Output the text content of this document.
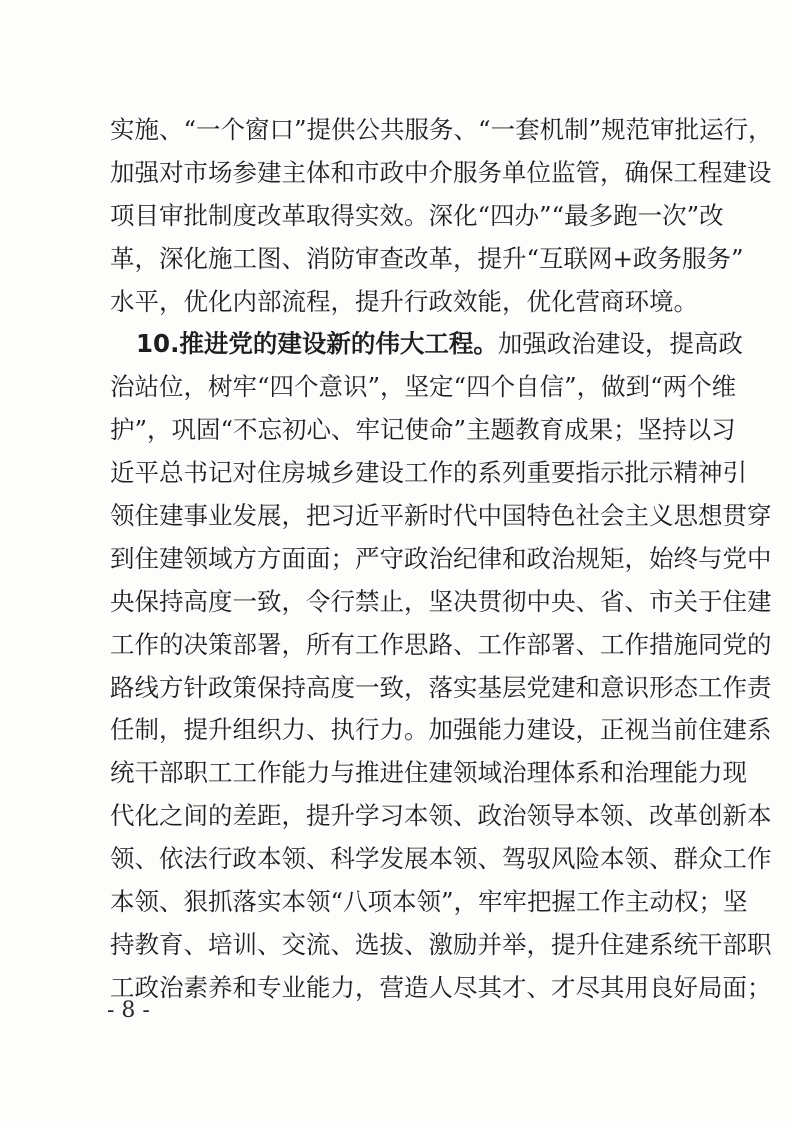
实施、“一个窗口”提供公共服务、“一套机制”规范审批运行，
加强对市场参建主体和市政中介服务单位监管，确保工程建设
项目审批制度改革取得实效。深化“四办”“最多跑一次”改
革，深化施工图、消防审查改革，提升“互联网+政务服务”
水平，优化内部流程，提升行政效能，优化营商环境。
10.推进党的建设新的伟大工程。加强政治建设，提高政
治站位，树牢“四个意识”，坚定“四个自信”，做到“两个维
护”，巩固“不忘初心、牢记使命”主题教育成果；坚持以习
近平总书记对住房城乡建设工作的系列重要指示批示精神引
领住建事业发展，把习近平新时代中国特色社会主义思想贯穿
到住建领域方方面面；严守政治纪律和政治规矩，始终与党中
央保持高度一致，令行禁止，坚决贯彻中央、省、市关于住建
工作的决策部署，所有工作思路、工作部署、工作措施同党的
路线方针政策保持高度一致，落实基层党建和意识形态工作责
任制，提升组织力、执行力。加强能力建设，正视当前住建系
统干部职工工作能力与推进住建领域治理体系和治理能力现
代化之间的差距，提升学习本领、政治领导本领、改革创新本
领、依法行政本领、科学发展本领、驾驭风险本领、群众工作
本领、狠抓落实本领“八项本领”，牢牢把握工作主动权；坚
持教育、培训、交流、选拔、激励并举，提升住建系统干部职
工政治素养和专业能力，营造人尽其才、才尽其用良好局面；
- 8 -
